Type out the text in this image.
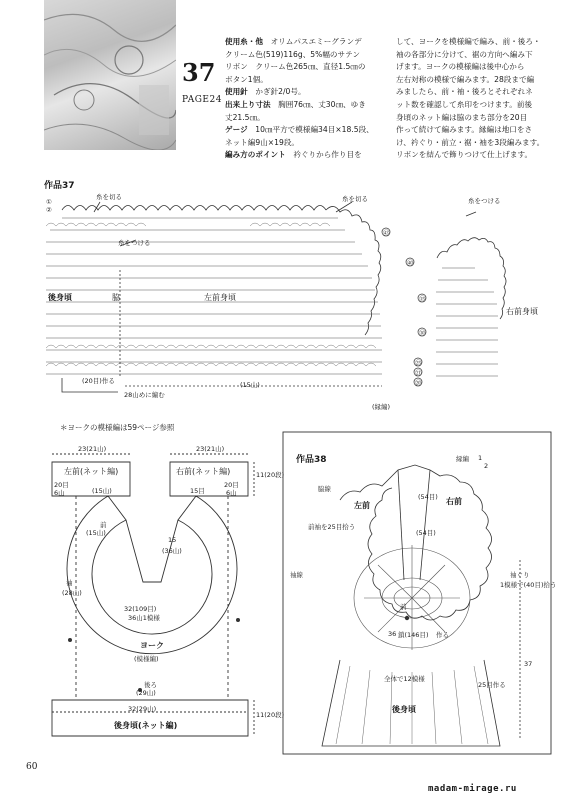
37
PAGE24
使用糸・他　 オリムパスエミーグランデ
クリーム色(519)116g、5%幅のサテン
リボン　クリーム色265㎝、直径1.5㎝の
ボタン1個。
使用針　 かぎ針2/0号。
出来上り寸法　 胸囲76㎝、丈30㎝、ゆき
丈21.5㎝。
ゲージ　 10㎝平方で模様編34目×18.5段、
ネット編9山×19段。
編み方のポイント　 衿ぐりから作り目を
して、ヨークを模様編で編み、前・後ろ・
袖の各部分に分けて、裾の方向へ編み下
げます。ヨークの模様編は後中心から
左右対称の模様で編みます。28段まで編
みましたら、前・袖・後ろとそれぞれネ
ット数を確認して糸印をつけます。前後
身頃のネット編は脇のまち部分を20目
作って続けて編みます。縁編は地口をさ
け、衿ぐり・前立・裾・袖を3段編みます。
リボンを結んで飾りつけて仕上げます。
作品37
①
②
糸を切る	糸を切る
糸をつける
糸をつける
後身頃	脇	左前身頃
右前身頃
㊸
㊵
㉟
㉚
㉕
㉑
⑳
(20目)作る
28山めに編む
(15山)
(縁編)
＊ヨークの模様編は59ページ参照
23(21山)	23(21山)
左前(ネット編)
20目
6山	(15山)
右前(ネット編)
15目
20目
6山
11(20段)
前
(15山)
15
(36山)
袖
(28山)
32(109目)
36山1模様
ヨーク
(模様編)
後ろ
(29山)
32(29山)
後身頃(ネット編)
11(20段)
作品38	縁編 1
2
脇線
左前	右前
(54目)
(54目)
前袖を25目拾う
袖線
前
36 鎖(146目) 作る
全体で12模様
25目作る
後身頃
袖ぐり
1模様で(40目)拾う
37
60
madam-mirage.ru
